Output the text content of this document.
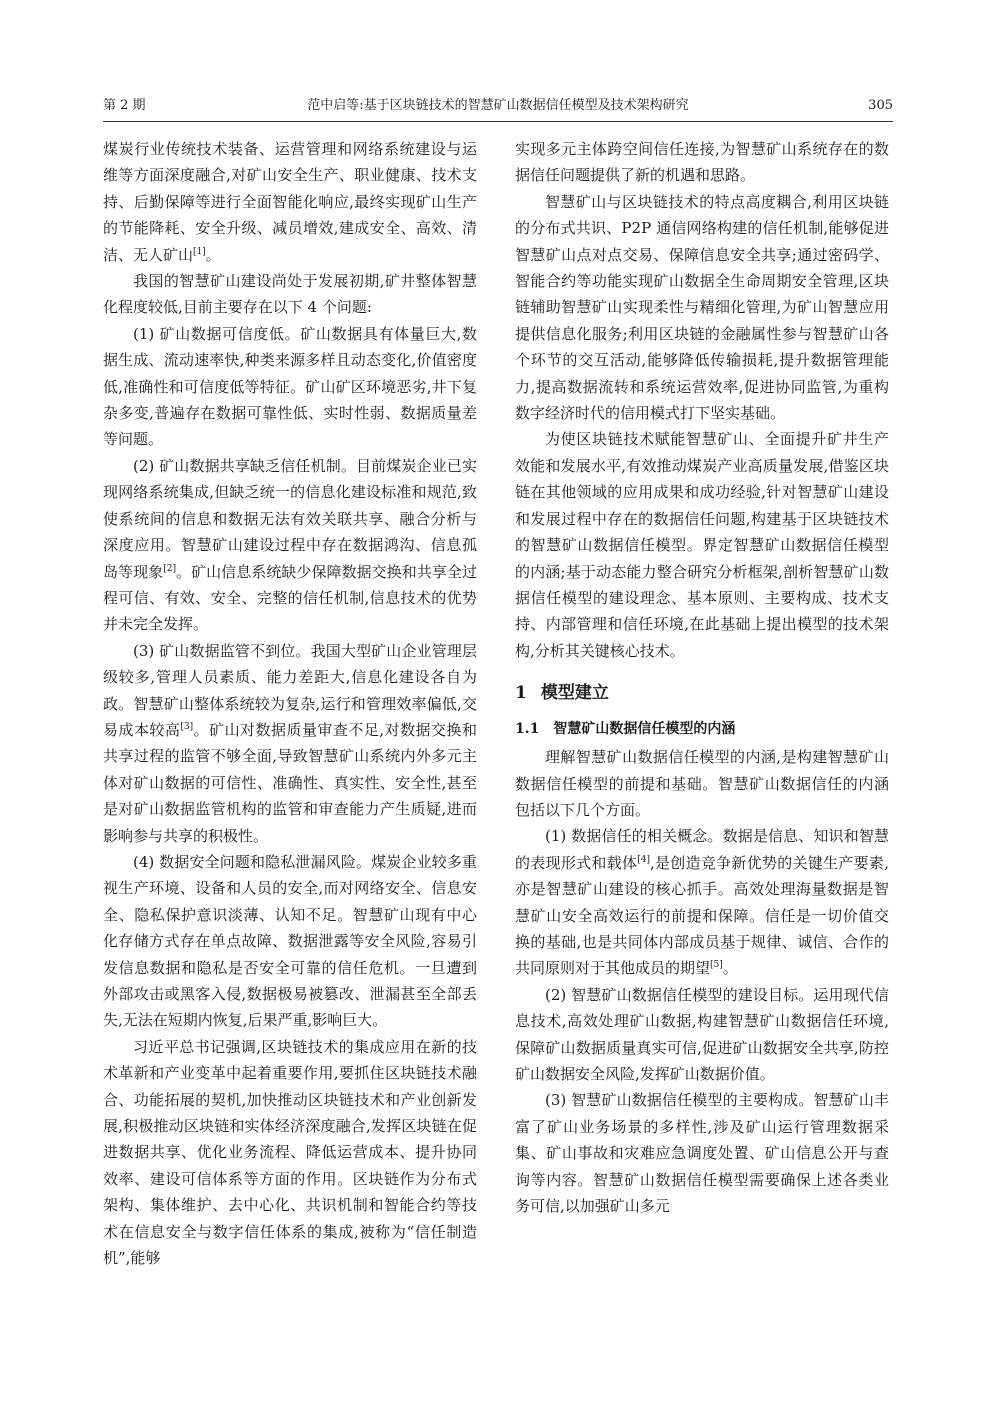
第 2 期	范中启等:基于区块链技术的智慧矿山数据信任模型及技术架构研究	305

煤炭行业传统技术装备、运营管理和网络系统建设与运维等方面深度融合,对矿山安全生产、职业健康、技术支持、后勤保障等进行全面智能化响应,最终实现矿山生产的节能降耗、安全升级、减员增效,建成安全、高效、清洁、无人矿山[1]。

我国的智慧矿山建设尚处于发展初期,矿井整体智慧化程度较低,目前主要存在以下 4 个问题:

(1) 矿山数据可信度低。矿山数据具有体量巨大,数据生成、流动速率快,种类来源多样且动态变化,价值密度低,准确性和可信度低等特征。矿山矿区环境恶劣,井下复杂多变,普遍存在数据可靠性低、实时性弱、数据质量差等问题。

(2) 矿山数据共享缺乏信任机制。目前煤炭企业已实现网络系统集成,但缺乏统一的信息化建设标准和规范,致使系统间的信息和数据无法有效关联共享、融合分析与深度应用。智慧矿山建设过程中存在数据鸿沟、信息孤岛等现象[2]。矿山信息系统缺少保障数据交换和共享全过程可信、有效、安全、完整的信任机制,信息技术的优势并未完全发挥。

(3) 矿山数据监管不到位。我国大型矿山企业管理层级较多,管理人员素质、能力差距大,信息化建设各自为政。智慧矿山整体系统较为复杂,运行和管理效率偏低,交易成本较高[3]。矿山对数据质量审查不足,对数据交换和共享过程的监管不够全面,导致智慧矿山系统内外多元主体对矿山数据的可信性、准确性、真实性、安全性,甚至是对矿山数据监管机构的监管和审查能力产生质疑,进而影响参与共享的积极性。

(4) 数据安全问题和隐私泄漏风险。煤炭企业较多重视生产环境、设备和人员的安全,而对网络安全、信息安全、隐私保护意识淡薄、认知不足。智慧矿山现有中心化存储方式存在单点故障、数据泄露等安全风险,容易引发信息数据和隐私是否安全可靠的信任危机。一旦遭到外部攻击或黑客入侵,数据极易被篡改、泄漏甚至全部丢失,无法在短期内恢复,后果严重,影响巨大。

习近平总书记强调,区块链技术的集成应用在新的技术革新和产业变革中起着重要作用,要抓住区块链技术融合、功能拓展的契机,加快推动区块链技术和产业创新发展,积极推动区块链和实体经济深度融合,发挥区块链在促进数据共享、优化业务流程、降低运营成本、提升协同效率、建设可信体系等方面的作用。区块链作为分布式架构、集体维护、去中心化、共识机制和智能合约等技术在信息安全与数字信任体系的集成,被称为“信任制造机”,能够

实现多元主体跨空间信任连接,为智慧矿山系统存在的数据信任问题提供了新的机遇和思路。

智慧矿山与区块链技术的特点高度耦合,利用区块链的分布式共识、P2P 通信网络构建的信任机制,能够促进智慧矿山点对点交易、保障信息安全共享;通过密码学、智能合约等功能实现矿山数据全生命周期安全管理,区块链辅助智慧矿山实现柔性与精细化管理,为矿山智慧应用提供信息化服务;利用区块链的金融属性参与智慧矿山各个环节的交互活动,能够降低传输损耗,提升数据管理能力,提高数据流转和系统运营效率,促进协同监管,为重构数字经济时代的信用模式打下坚实基础。

为使区块链技术赋能智慧矿山、全面提升矿井生产效能和发展水平,有效推动煤炭产业高质量发展,借鉴区块链在其他领域的应用成果和成功经验,针对智慧矿山建设和发展过程中存在的数据信任问题,构建基于区块链技术的智慧矿山数据信任模型。界定智慧矿山数据信任模型的内涵;基于动态能力整合研究分析框架,剖析智慧矿山数据信任模型的建设理念、基本原则、主要构成、技术支持、内部管理和信任环境,在此基础上提出模型的技术架构,分析其关键核心技术。

1 模型建立
1.1 智慧矿山数据信任模型的内涵

理解智慧矿山数据信任模型的内涵,是构建智慧矿山数据信任模型的前提和基础。智慧矿山数据信任的内涵包括以下几个方面。

(1) 数据信任的相关概念。数据是信息、知识和智慧的表现形式和载体[4],是创造竞争新优势的关键生产要素,亦是智慧矿山建设的核心抓手。高效处理海量数据是智慧矿山安全高效运行的前提和保障。信任是一切价值交换的基础,也是共同体内部成员基于规律、诚信、合作的共同原则对于其他成员的期望[5]。

(2) 智慧矿山数据信任模型的建设目标。运用现代信息技术,高效处理矿山数据,构建智慧矿山数据信任环境,保障矿山数据质量真实可信,促进矿山数据安全共享,防控矿山数据安全风险,发挥矿山数据价值。

(3) 智慧矿山数据信任模型的主要构成。智慧矿山丰富了矿山业务场景的多样性,涉及矿山运行管理数据采集、矿山事故和灾难应急调度处置、矿山信息公开与查询等内容。智慧矿山数据信任模型需要确保上述各类业务可信,以加强矿山多元
